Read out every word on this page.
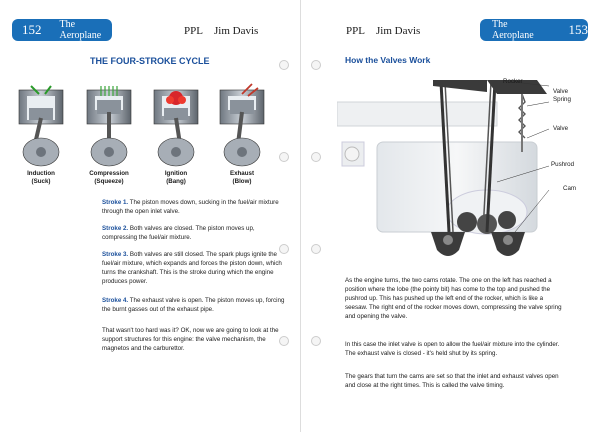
152 The Aeroplane	PPL Jim Davis
THE FOUR-STROKE CYCLE
Induction
(Suck)
Compression
(Squeeze)
Ignition
(Bang)
Exhaust
(Blow)
Stroke 1. The piston moves down, sucking in the fuel/air mixture through the open inlet valve.
Stroke 2. Both valves are closed. The piston moves up, compressing the fuel/air mixture.
Stroke 3. Both valves are still closed. The spark plugs ignite the fuel/air mixture, which expands and forces the piston down, which turns the crankshaft. This is the stroke during which the engine produces power.
Stroke 4. The exhaust valve is open. The piston moves up, forcing the burnt gasses out of the exhaust pipe.
That wasn't too hard was it? OK, now we are going to look at the support structures for this engine: the valve mechanism, the magnetos and the carburettor.
PPL Jim Davis
The Aeroplane	153
How the Valves Work
Rocker
Valve Spring
Valve
Pushrod
Cam
As the engine turns, the two cams rotate. The one on the left has reached a position where the lobe (the pointy bit) has come to the top and pushed the pushrod up. This has pushed up the left end of the rocker, which is like a seesaw. The right end of the rocker moves down, compressing the valve spring and opening the valve.
In this case the inlet valve is open to allow the fuel/air mixture into the cylinder. The exhaust valve is closed - it's held shut by its spring.
The gears that turn the cams are set so that the inlet and exhaust valves open and close at the right times. This is called the valve timing.
